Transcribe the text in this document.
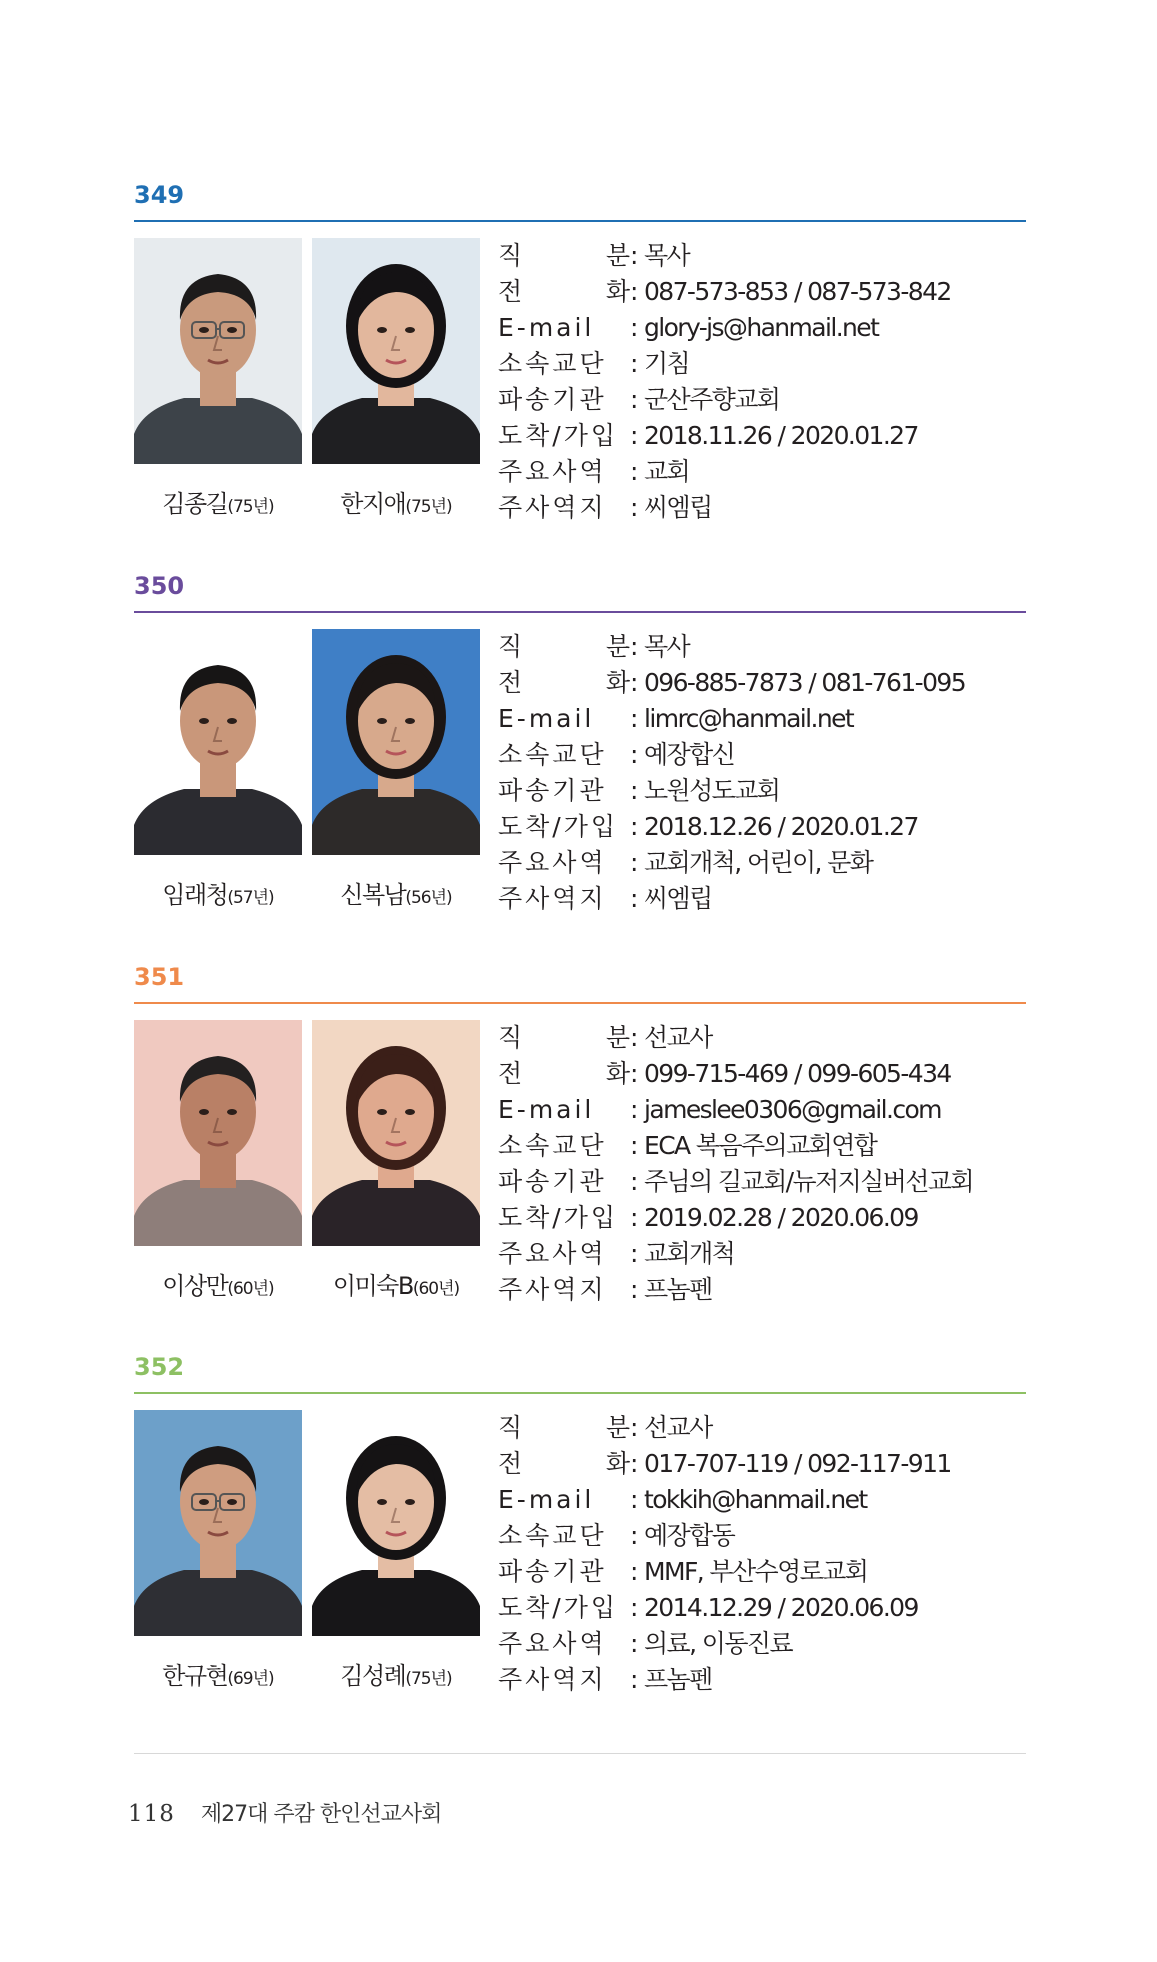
349
김종길(75년)	한지애(75년)
직	분 : 목사
전	화 : 087-573-853 / 087-573-842
E-mail : glory-js@hanmail.net
소속교단 : 기침
파송기관 : 군산주향교회
도착/가입 : 2018.11.26 / 2020.01.27
주요사역 : 교회
주사역지 : 씨엠립
350
임래청(57년)	신복남(56년)
직	분 : 목사
전	화 : 096-885-7873 / 081-761-095
E-mail : limrc@hanmail.net
소속교단 : 예장합신
파송기관 : 노원성도교회
도착/가입 : 2018.12.26 / 2020.01.27
주요사역 : 교회개척, 어린이, 문화
주사역지 : 씨엠립
351
이상만(60년)	이미숙B(60년)
직	분 : 선교사
전	화 : 099-715-469 / 099-605-434
E-mail : jameslee0306@gmail.com
소속교단 : ECA 복음주의교회연합
파송기관 : 주님의 길교회/뉴저지실버선교회
도착/가입 : 2019.02.28 / 2020.06.09
주요사역 : 교회개척
주사역지 : 프놈펜
352
한규현(69년)	김성례(75년)
직	분 : 선교사
전	화 : 017-707-119 / 092-117-911
E-mail : tokkih@hanmail.net
소속교단 : 예장합동
파송기관 : MMF, 부산수영로교회
도착/가입 : 2014.12.29 / 2020.06.09
주요사역 : 의료, 이동진료
주사역지 : 프놈펜
118 제27대 주캄 한인선교사회
